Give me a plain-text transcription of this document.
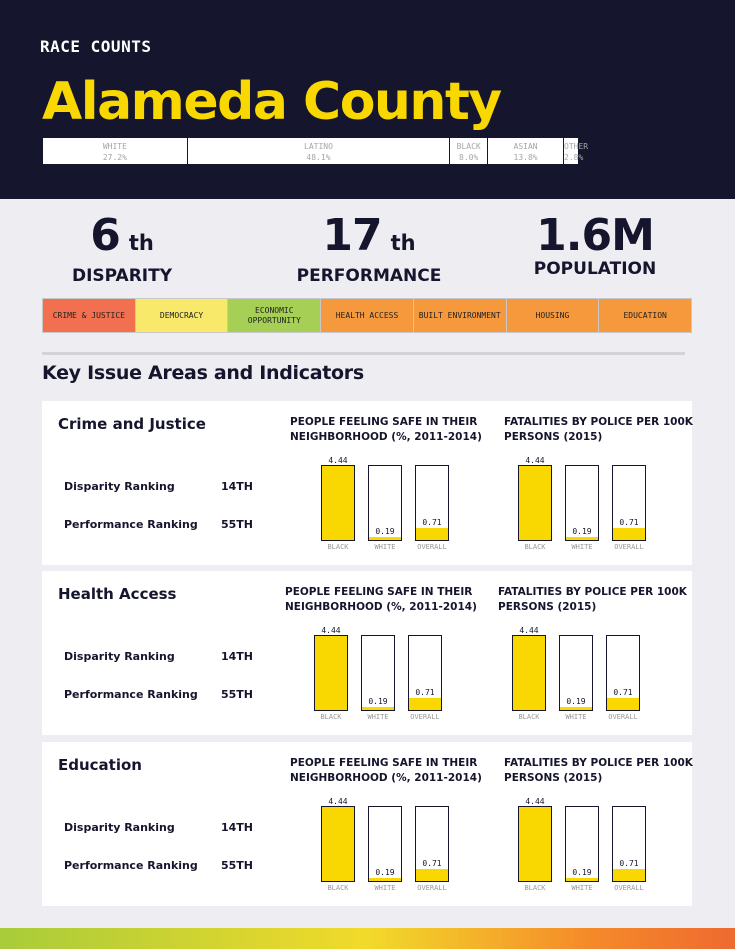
RACE COUNTS
Alameda County
WHITE
27.2%
LATINO
48.1%
BLACK
8.0%
ASIAN
13.8%
OTHER
2.8%
6 th
DISPARITY
17 th
PERFORMANCE
1.6M
POPULATION
CRIME & JUSTICE	DEMOCRACY
ECONOMIC OPPORTUNITY
HEALTH ACCESS	BUILT ENVIRONMENT	HOUSING	EDUCATION
Key Issue Areas and Indicators
Crime and Justice
Disparity Ranking	14TH
Performance Ranking 55TH
PEOPLE FEELING SAFE IN THEIR NEIGHBORHOOD (%, 2011-2014)
4.44
BLACK
0.19
WHITE
0.71
OVERALL
FATALITIES BY POLICE PER 100K PERSONS (2015)
4.44
BLACK
0.19
WHITE
0.71
OVERALL
Health Access
Disparity Ranking	14TH
Performance Ranking 55TH
PEOPLE FEELING SAFE IN THEIR NEIGHBORHOOD (%, 2011-2014)
4.44
BLACK
0.19
WHITE
0.71
OVERALL
FATALITIES BY POLICE PER 100K PERSONS (2015)
4.44
BLACK
0.19
WHITE
0.71
OVERALL
Education
Disparity Ranking	14TH
Performance Ranking 55TH
PEOPLE FEELING SAFE IN THEIR NEIGHBORHOOD (%, 2011-2014)
4.44
BLACK
0.19
WHITE
0.71
OVERALL
FATALITIES BY POLICE PER 100K PERSONS (2015)
4.44
BLACK
0.19
WHITE
0.71
OVERALL
